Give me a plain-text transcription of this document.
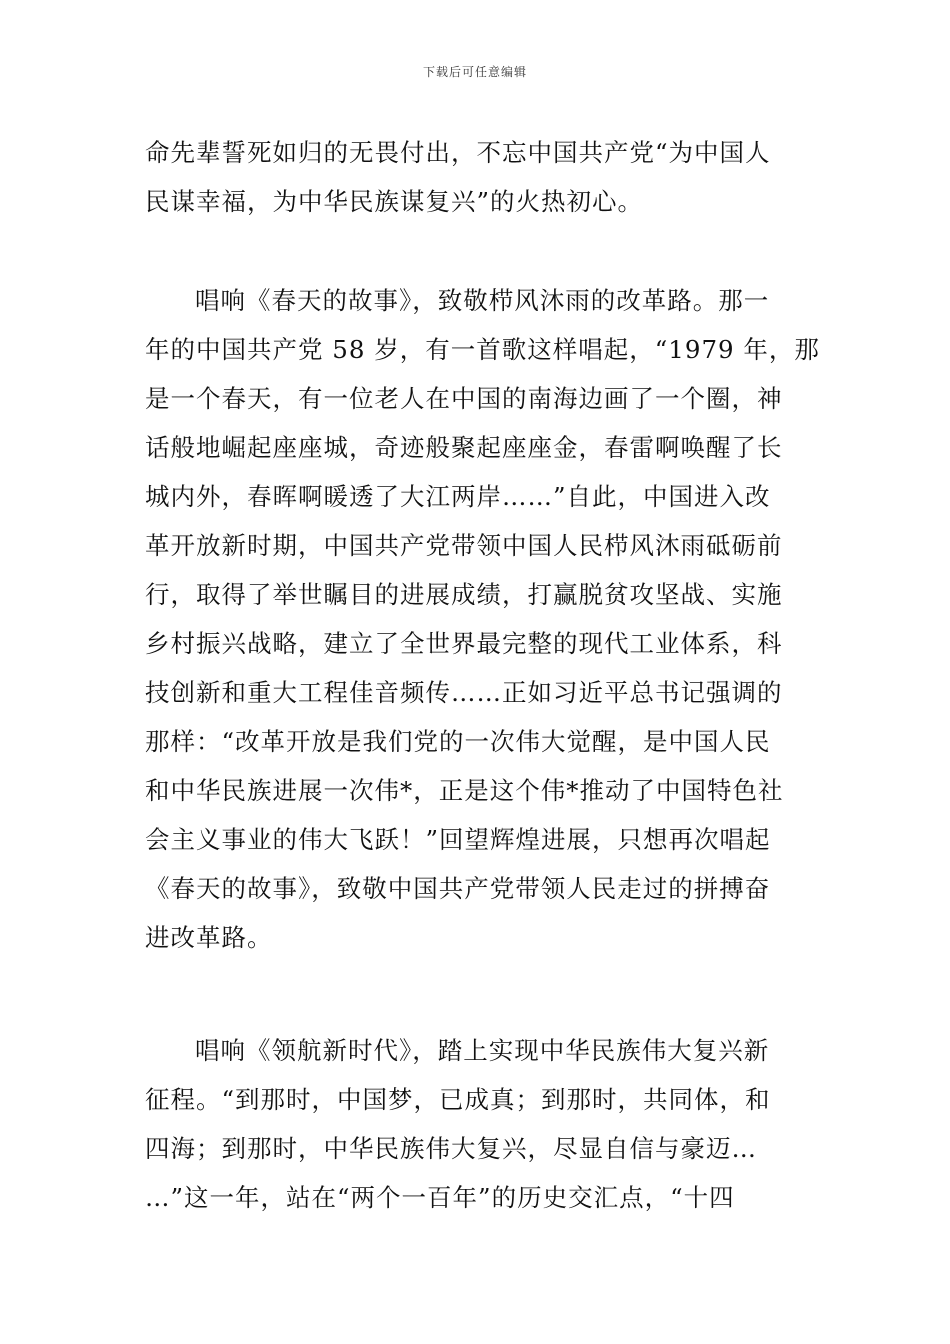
下载后可任意编辑
命先辈誓死如归的无畏付出，不忘中国共产党“为中国人
民谋幸福，为中华民族谋复兴”的火热初心。
唱响《春天的故事》，致敬栉风沐雨的改革路。那一
年的中国共产党 58 岁，有一首歌这样唱起，“1979 年，那
是一个春天，有一位老人在中国的南海边画了一个圈，神
话般地崛起座座城，奇迹般聚起座座金，春雷啊唤醒了长
城内外，春晖啊暖透了大江两岸……”自此，中国进入改
革开放新时期，中国共产党带领中国人民栉风沐雨砥砺前
行，取得了举世瞩目的进展成绩，打赢脱贫攻坚战、实施
乡村振兴战略，建立了全世界最完整的现代工业体系，科
技创新和重大工程佳音频传……正如习近平总书记强调的
那样：“改革开放是我们党的一次伟大觉醒，是中国人民
和中华民族进展一次伟*，正是这个伟*推动了中国特色社
会主义事业的伟大飞跃！”回望辉煌进展，只想再次唱起
《春天的故事》，致敬中国共产党带领人民走过的拼搏奋
进改革路。
唱响《领航新时代》，踏上实现中华民族伟大复兴新
征程。“到那时，中国梦，已成真；到那时，共同体，和
四海；到那时，中华民族伟大复兴，尽显自信与豪迈…
…”这一年，站在“两个一百年”的历史交汇点，“十四
